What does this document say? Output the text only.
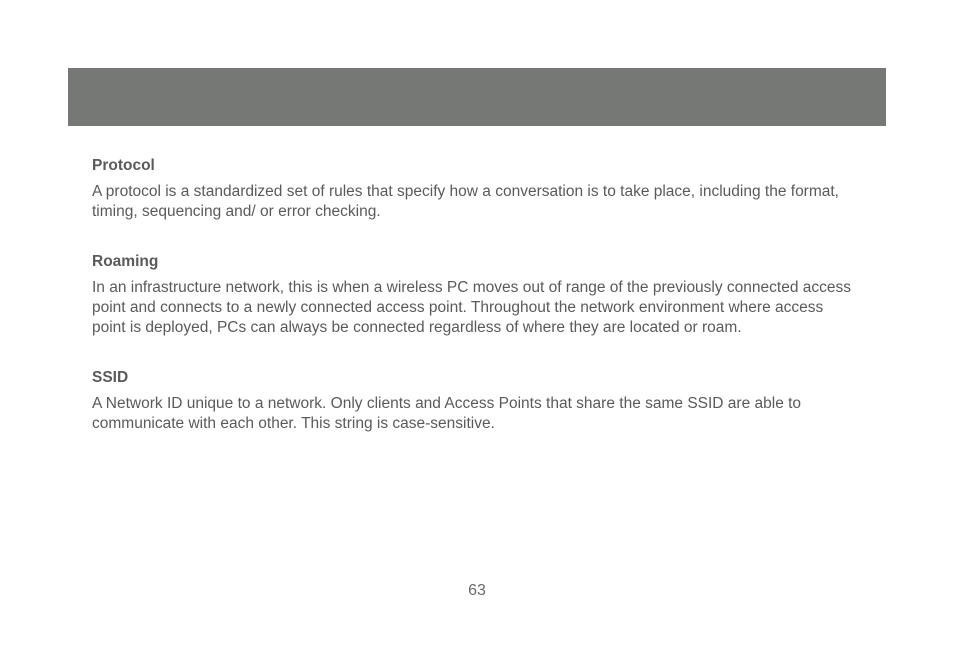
Protocol

A protocol is a standardized set of rules that specify how a conversation is to take place, including the format, timing, sequencing and/ or error checking.

Roaming

In an infrastructure network, this is when a wireless PC moves out of range of the previously connected access point and connects to a newly connected access point. Throughout the network environment where access point is deployed, PCs can always be connected regardless of where they are located or roam.

SSID

A Network ID unique to a network. Only clients and Access Points that share the same SSID are able to communicate with each other. This string is case-sensitive.

63
